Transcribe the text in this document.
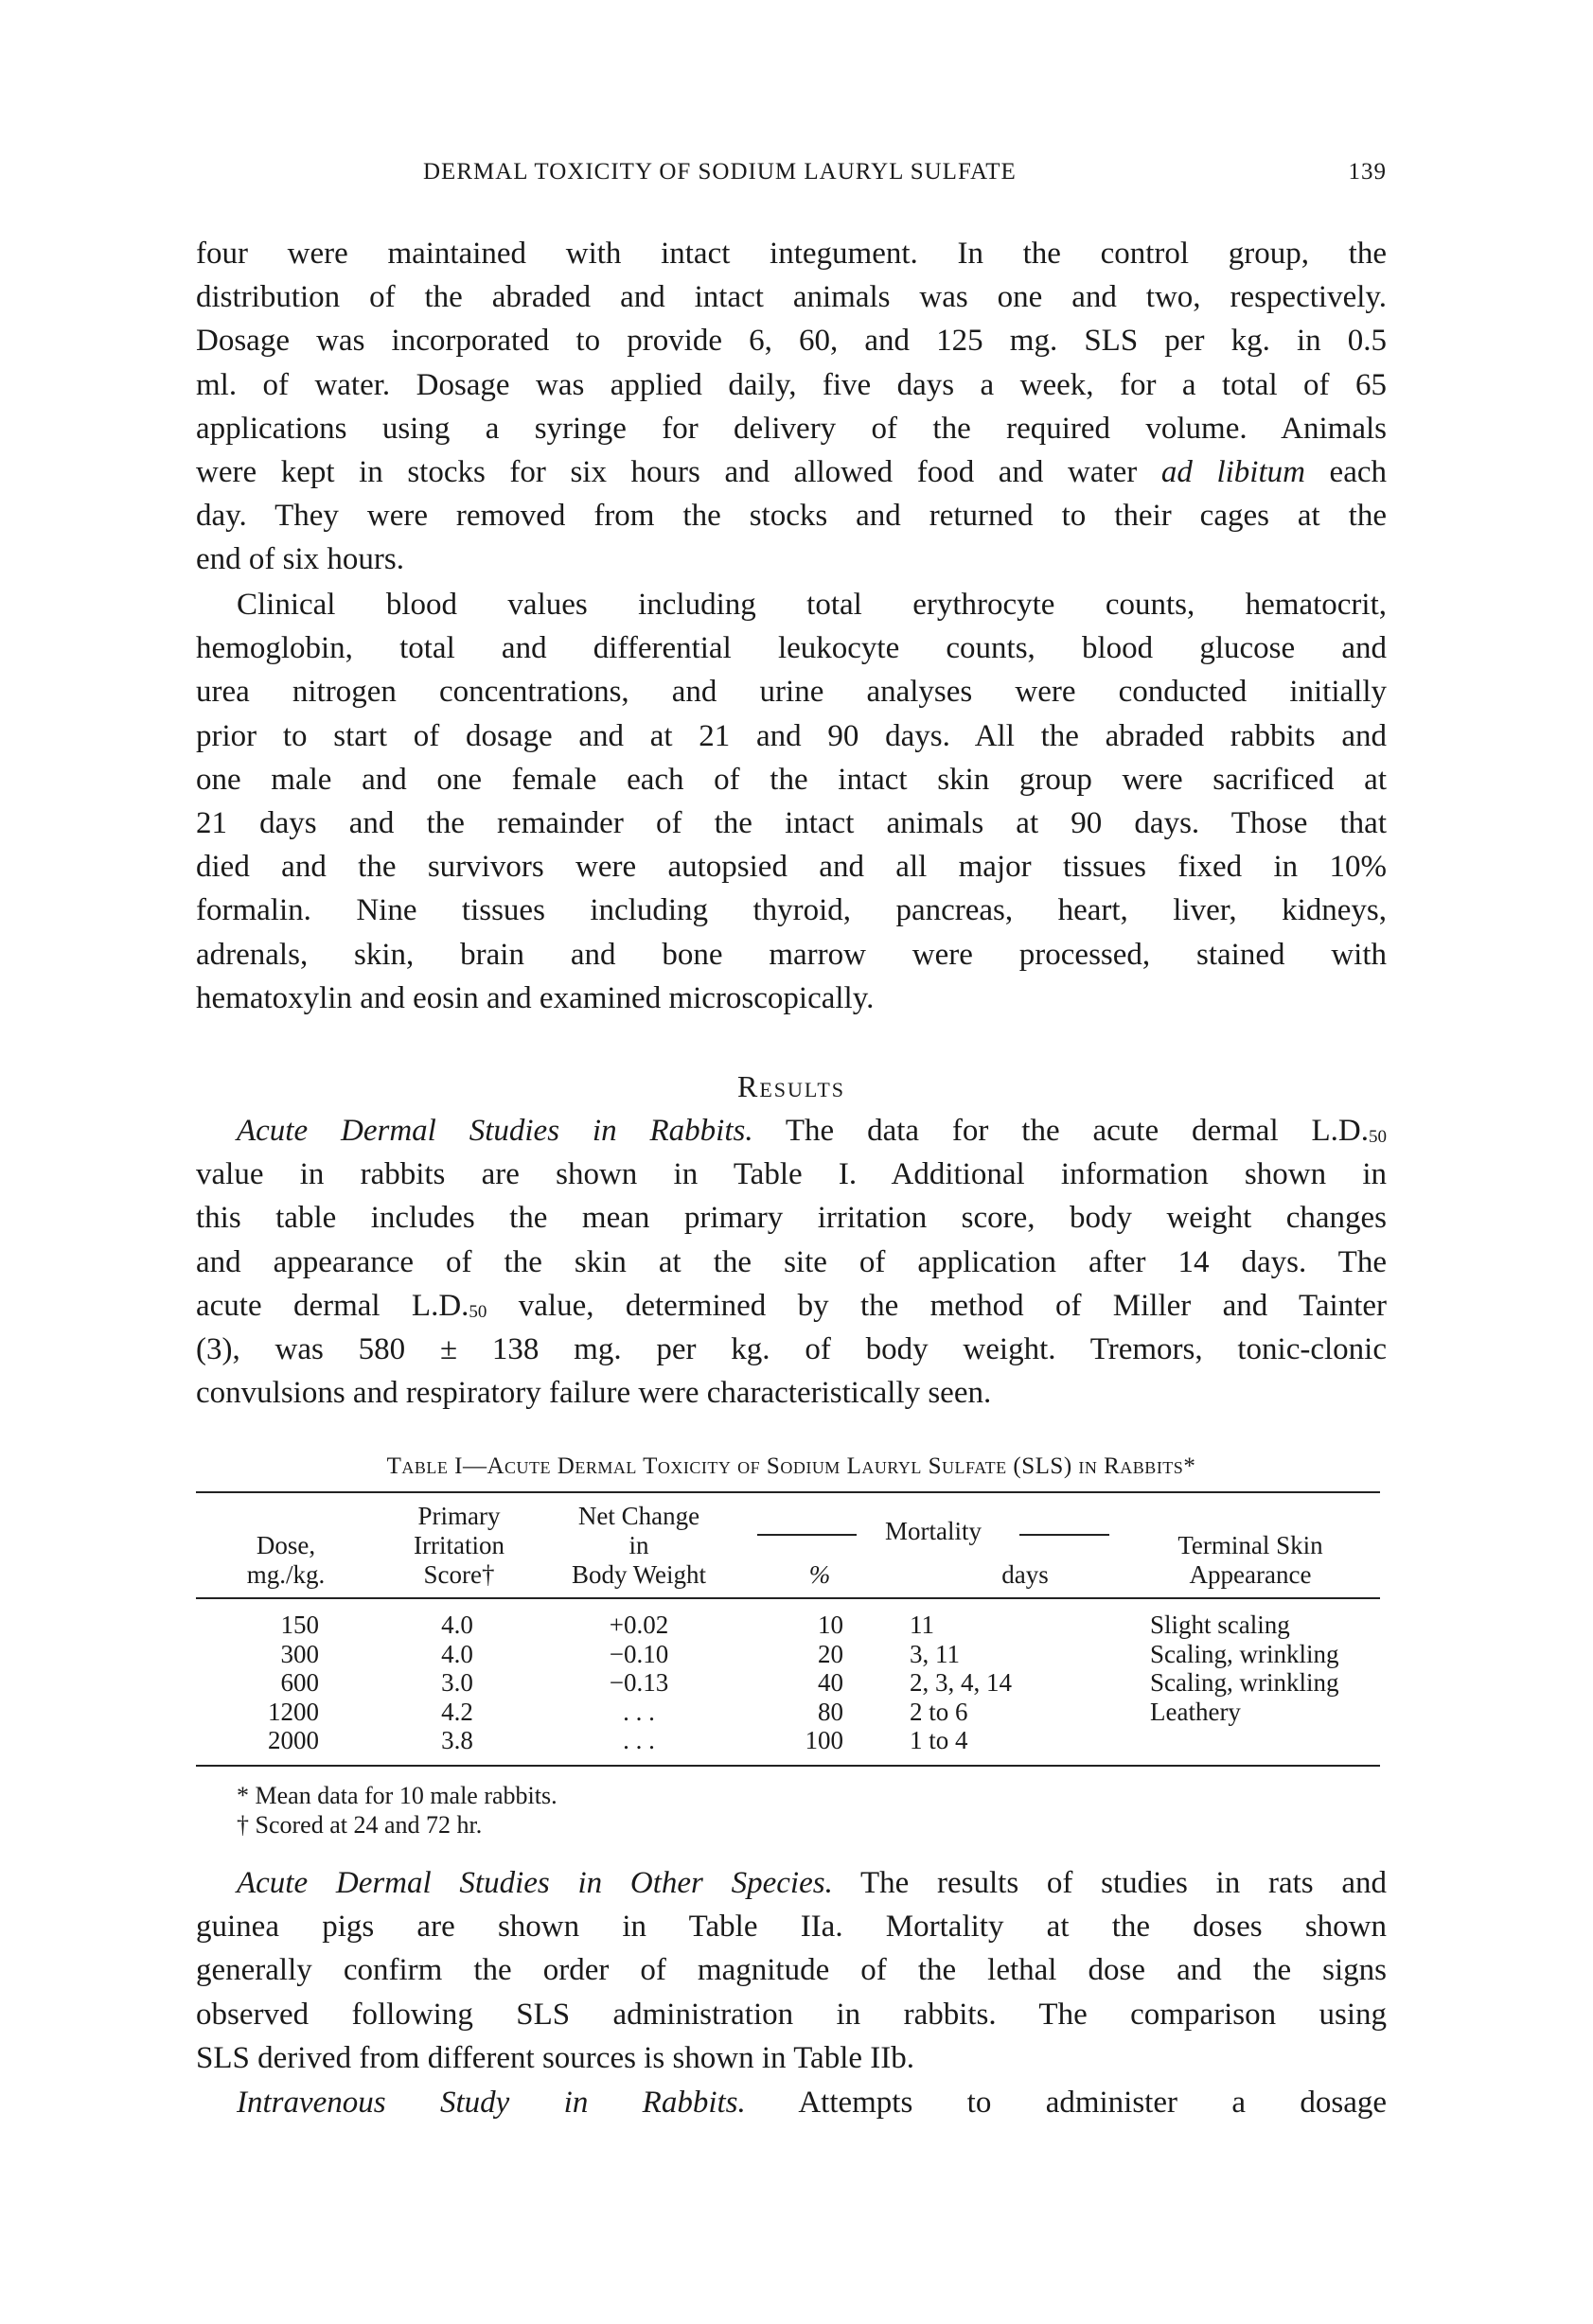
DERMAL TOXICITY OF SODIUM LAURYL SULFATE	139
four were maintained with intact integument. In the control group, the
distribution of the abraded and intact animals was one and two, respectively.
Dosage was incorporated to provide 6, 60, and 125 mg. SLS per kg. in 0.5
ml. of water. Dosage was applied daily, five days a week, for a total of 65
applications using a syringe for delivery of the required volume. Animals
were kept in stocks for six hours and allowed food and water ad libitum each
day. They were removed from the stocks and returned to their cages at the
end of six hours.
Clinical blood values including total erythrocyte counts, hematocrit,
hemoglobin, total and differential leukocyte counts, blood glucose and
urea nitrogen concentrations, and urine analyses were conducted initially
prior to start of dosage and at 21 and 90 days. All the abraded rabbits and
one male and one female each of the intact skin group were sacrificed at
21 days and the remainder of the intact animals at 90 days. Those that
died and the survivors were autopsied and all major tissues fixed in 10%
formalin. Nine tissues including thyroid, pancreas, heart, liver, kidneys,
adrenals, skin, brain and bone marrow were processed, stained with
hematoxylin and eosin and examined microscopically.
Results
Acute Dermal Studies in Rabbits. The data for the acute dermal $L.D._{50}$
value in rabbits are shown in Table I. Additional information shown in
this table includes the mean primary irritation score, body weight changes
and appearance of the skin at the site of application after 14 days. The
acute dermal $L.D._{50}$ value, determined by the method of Miller and Tainter
(3), was 580 ± 138 mg. per kg. of body weight. Tremors, tonic-clonic
convulsions and respiratory failure were characteristically seen.
Acute Dermal Studies in Other Species. The results of studies in rats and
guinea pigs are shown in Table IIa. Mortality at the doses shown
generally confirm the order of magnitude of the lethal dose and the signs
observed following SLS administration in rabbits. The comparison using
SLS derived from different sources is shown in Table IIb.
Intravenous Study in Rabbits. Attempts to administer a dosage
Table I—Acute Dermal Toxicity of Sodium Lauryl Sulfate (SLS) in Rabbits*
Dose,
mg./kg.
Primary
Irritation
Score†
Net Change
in
Body Weight
Mortality
%	days
Terminal Skin
Appearance
150	4.0	+0.02	10	11	Slight scaling
300	4.0	−0.10	20	3, 11	Scaling, wrinkling
600	3.0	−0.13	40	2, 3, 4, 14	Scaling, wrinkling
1200	4.2	. . .	80	2 to 6	Leathery
2000	3.8	. . .	100	1 to 4
* Mean data for 10 male rabbits.
† Scored at 24 and 72 hr.
